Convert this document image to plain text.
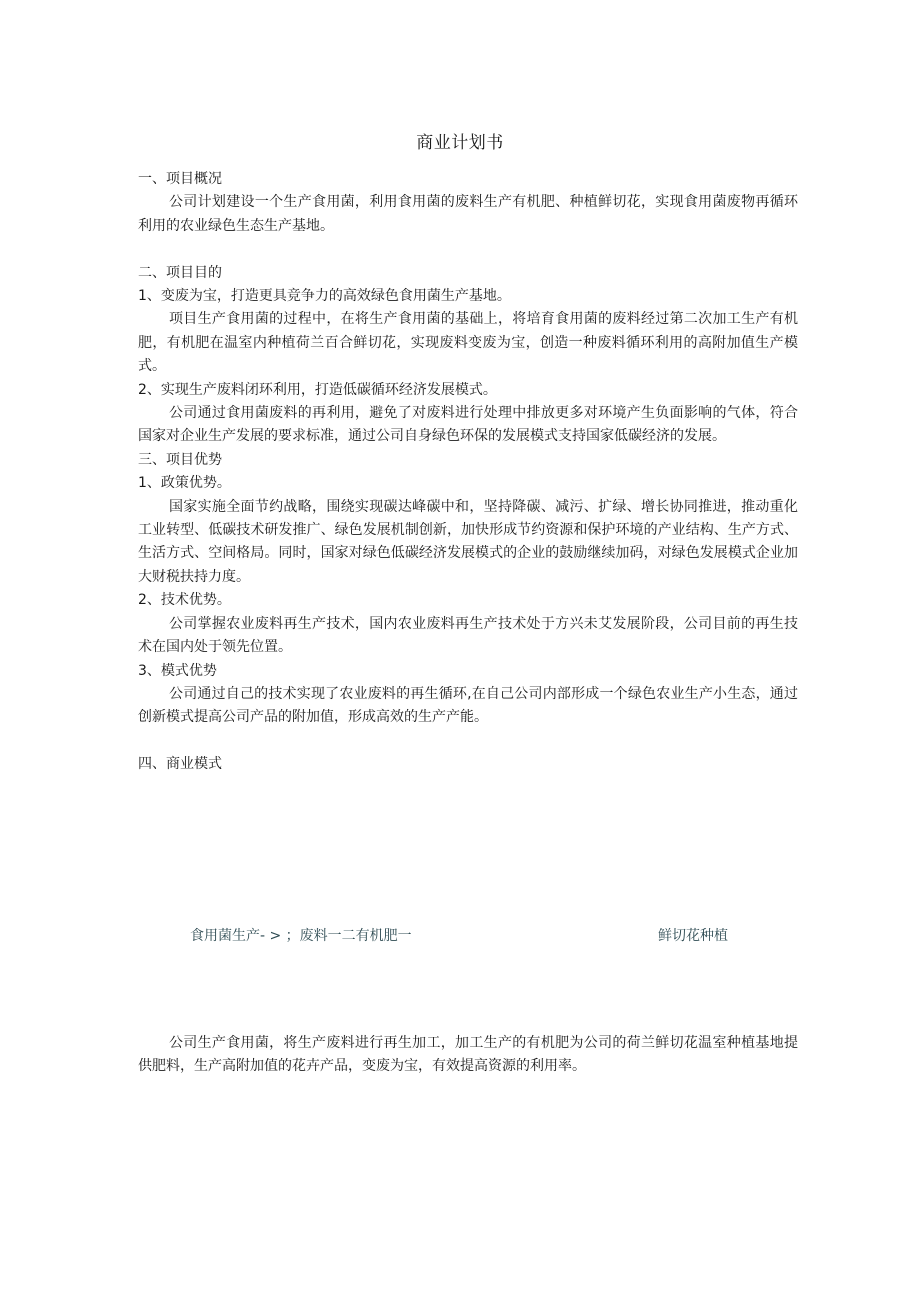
商业计划书

一、项目概况

公司计划建设一个生产食用菌，利用食用菌的废料生产有机肥、种植鲜切花，实现食用菌废物再循环利用的农业绿色生态生产基地。

二、项目目的

1、变废为宝，打造更具竞争力的高效绿色食用菌生产基地。

项目生产食用菌的过程中，在将生产食用菌的基础上，将培育食用菌的废料经过第二次加工生产有机肥，有机肥在温室内种植荷兰百合鲜切花，实现废料变废为宝，创造一种废料循环利用的高附加值生产模式。

2、实现生产废料闭环利用，打造低碳循环经济发展模式。

公司通过食用菌废料的再利用，避免了对废料进行处理中排放更多对环境产生负面影响的气体，符合国家对企业生产发展的要求标准，通过公司自身绿色环保的发展模式支持国家低碳经济的发展。

三、项目优势

1、政策优势。

国家实施全面节约战略，围绕实现碳达峰碳中和，坚持降碳、减污、扩绿、增长协同推进，推动重化工业转型、低碳技术研发推广、绿色发展机制创新，加快形成节约资源和保护环境的产业结构、生产方式、生活方式、空间格局。同时，国家对绿色低碳经济发展模式的企业的鼓励继续加码，对绿色发展模式企业加大财税扶持力度。

2、技术优势。

公司掌握农业废料再生产技术，国内农业废料再生产技术处于方兴未艾发展阶段，公司目前的再生技术在国内处于领先位置。

3、模式优势

公司通过自己的技术实现了农业废料的再生循环,在自己公司内部形成一个绿色农业生产小生态，通过创新模式提高公司产品的附加值，形成高效的生产产能。

四、商业模式

食用菌生产- > ；废料一二有机肥一	鲜切花种植

公司生产食用菌，将生产废料进行再生加工，加工生产的有机肥为公司的荷兰鲜切花温室种植基地提供肥料，生产高附加值的花卉产品，变废为宝，有效提高资源的利用率。
